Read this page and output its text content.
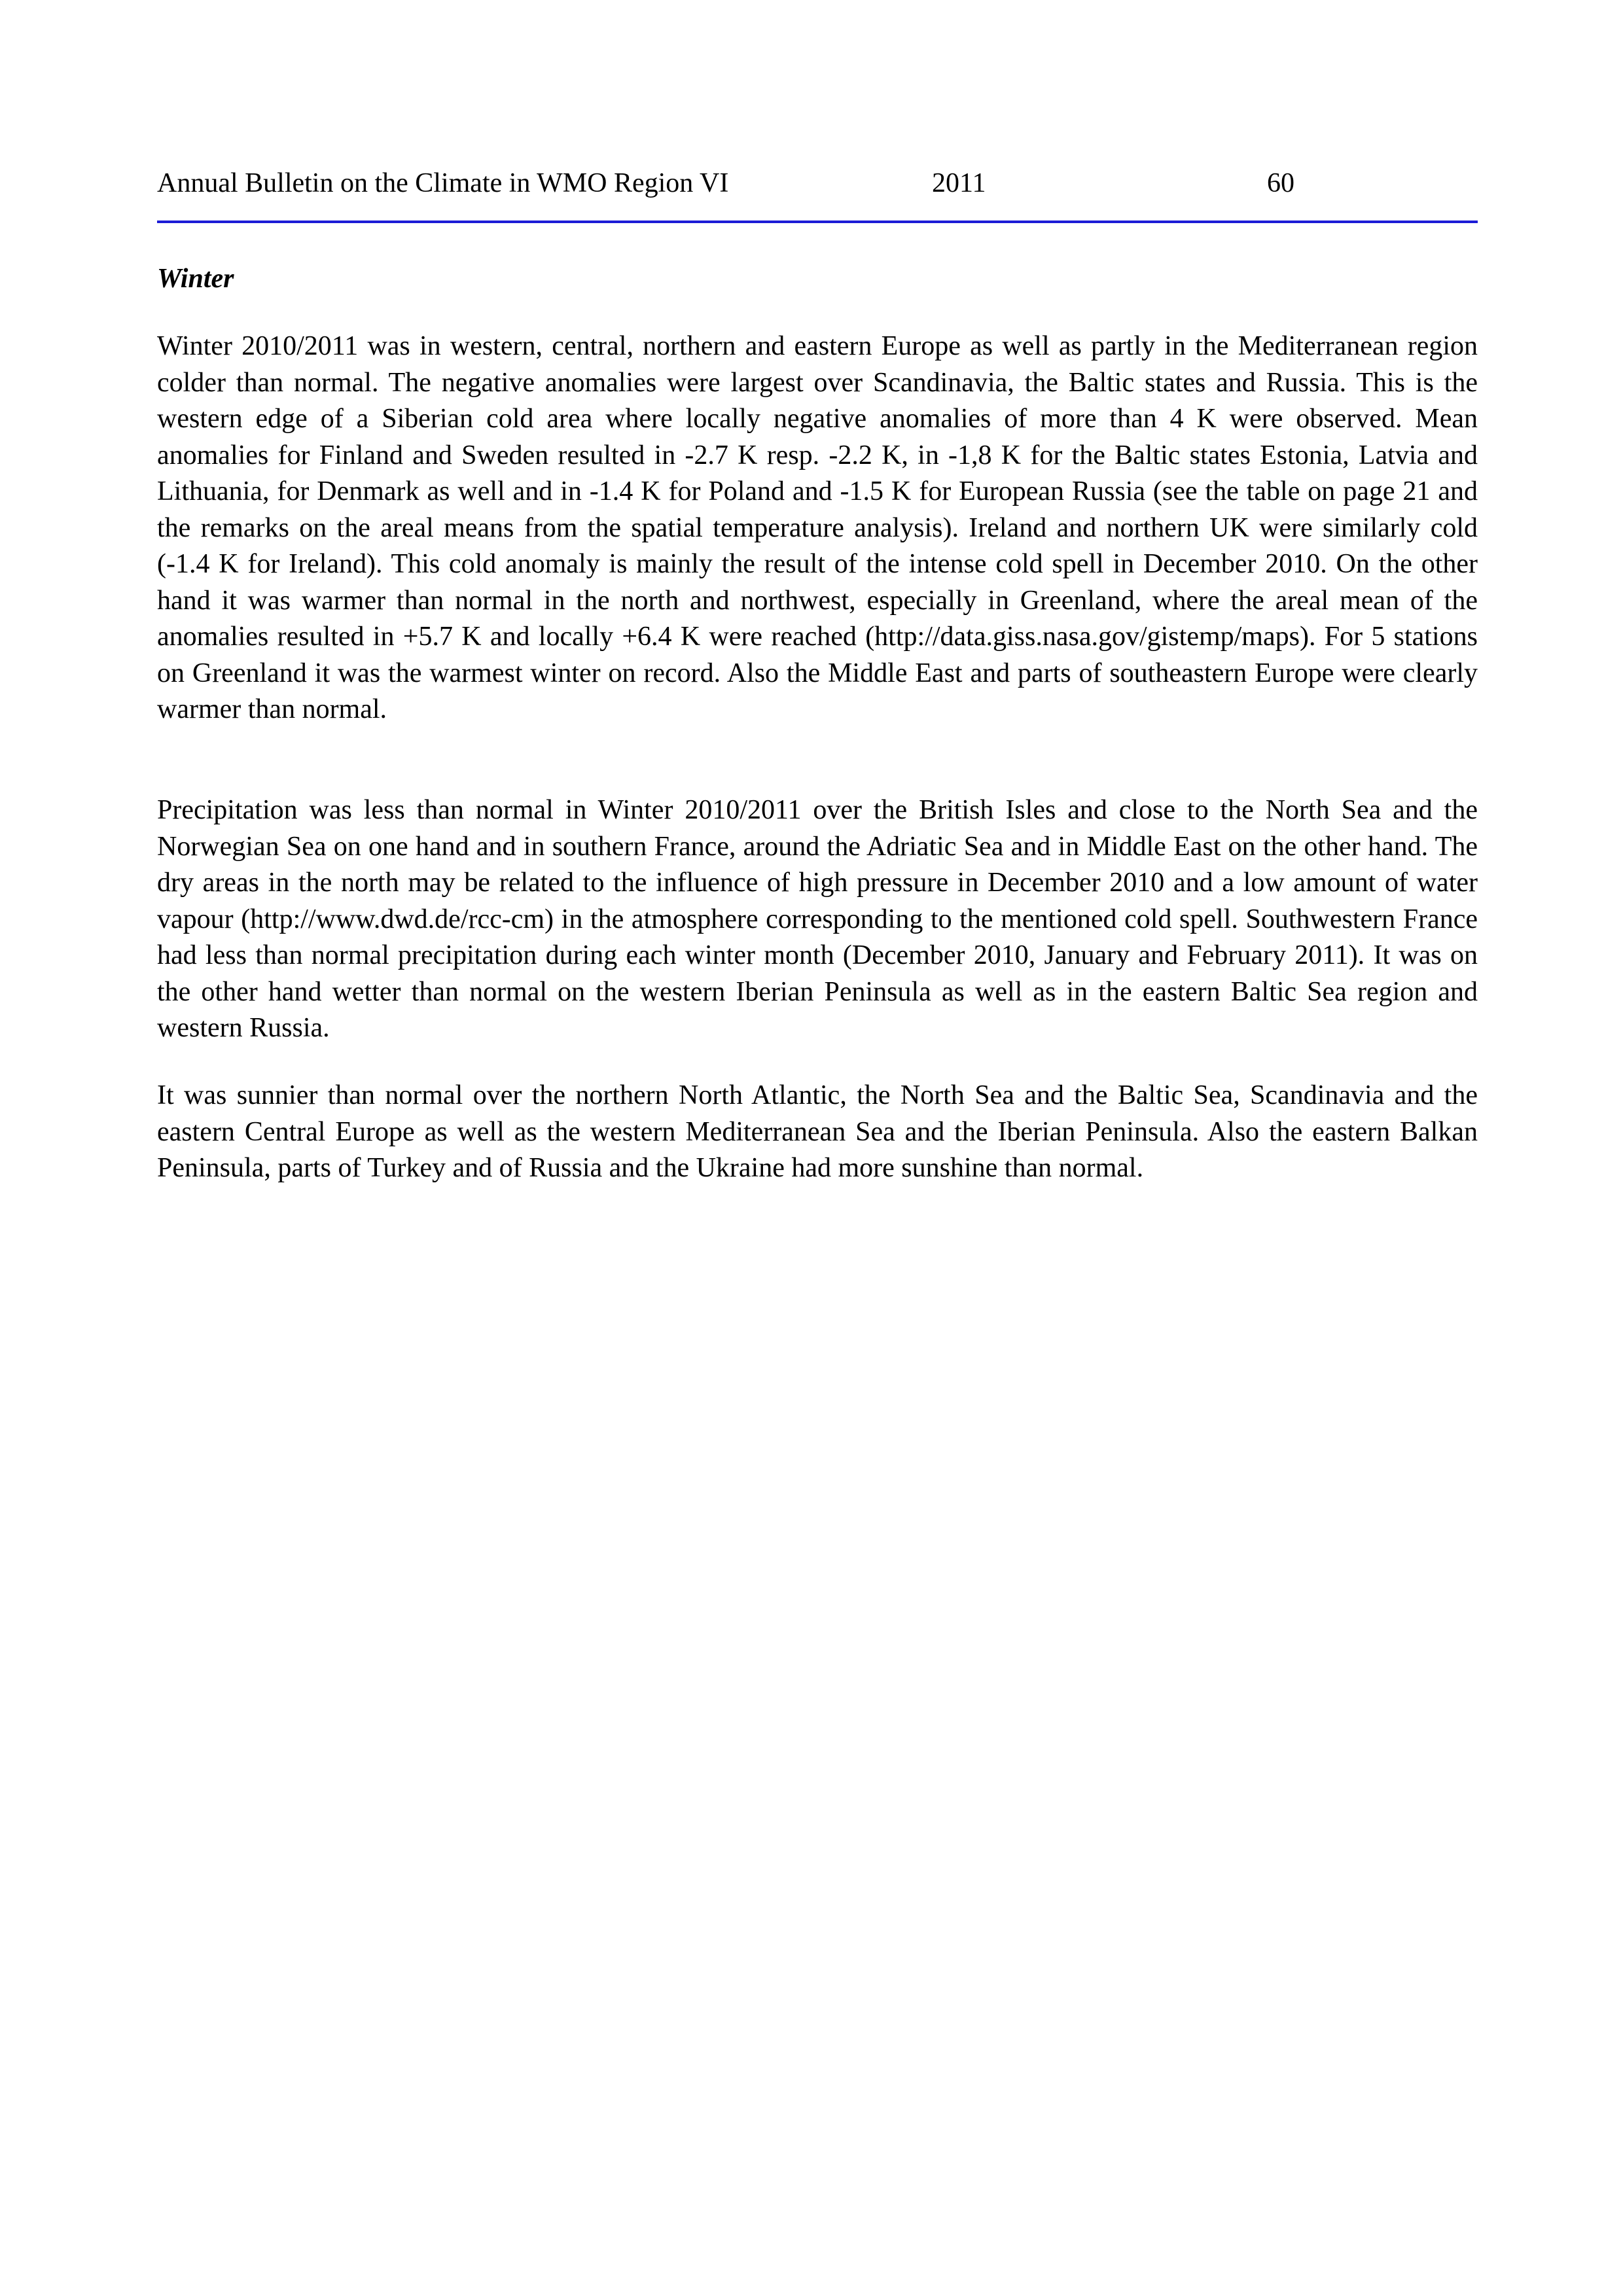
Annual Bulletin on the Climate in WMO Region VI	2011	60
Winter

Winter 2010/2011 was in western, central, northern and eastern Europe as well as partly in the Mediterranean region colder than normal. The negative anomalies were largest over Scandinavia, the Baltic states and Russia. This is the western edge of a Siberian cold area where locally negative anomalies of more than 4 K were observed. Mean anomalies for Finland and Sweden resulted in -2.7 K resp. -2.2 K, in -1,8 K for the Baltic states Estonia, Latvia and Lithuania, for Denmark as well and in -1.4 K for Poland and -1.5 K for European Russia (see the table on page 21 and the remarks on the areal means from the spatial temperature analysis). Ireland and northern UK were similarly cold (-1.4 K for Ireland). This cold anomaly is mainly the result of the intense cold spell in December 2010. On the other hand it was warmer than normal in the north and northwest, especially in Greenland, where the areal mean of the anomalies resulted in +5.7 K and locally +6.4 K were reached (http://data.giss.nasa.gov/gistemp/maps). For 5 stations on Greenland it was the warmest winter on record. Also the Middle East and parts of southeastern Europe were clearly warmer than normal.

Precipitation was less than normal in Winter 2010/2011 over the British Isles and close to the North Sea and the Norwegian Sea on one hand and in southern France, around the Adriatic Sea and in Middle East on the other hand. The dry areas in the north may be related to the influence of high pressure in December 2010 and a low amount of water vapour (http://www.dwd.de/rcc-cm) in the atmosphere corresponding to the mentioned cold spell. Southwestern France had less than normal precipitation during each winter month (December 2010, January and February 2011). It was on the other hand wetter than normal on the western Iberian Peninsula as well as in the eastern Baltic Sea region and western Russia.

It was sunnier than normal over the northern North Atlantic, the North Sea and the Baltic Sea, Scandinavia and the eastern Central Europe as well as the western Mediterranean Sea and the Iberian Peninsula. Also the eastern Balkan Peninsula, parts of Turkey and of Russia and the Ukraine had more sunshine than normal.
